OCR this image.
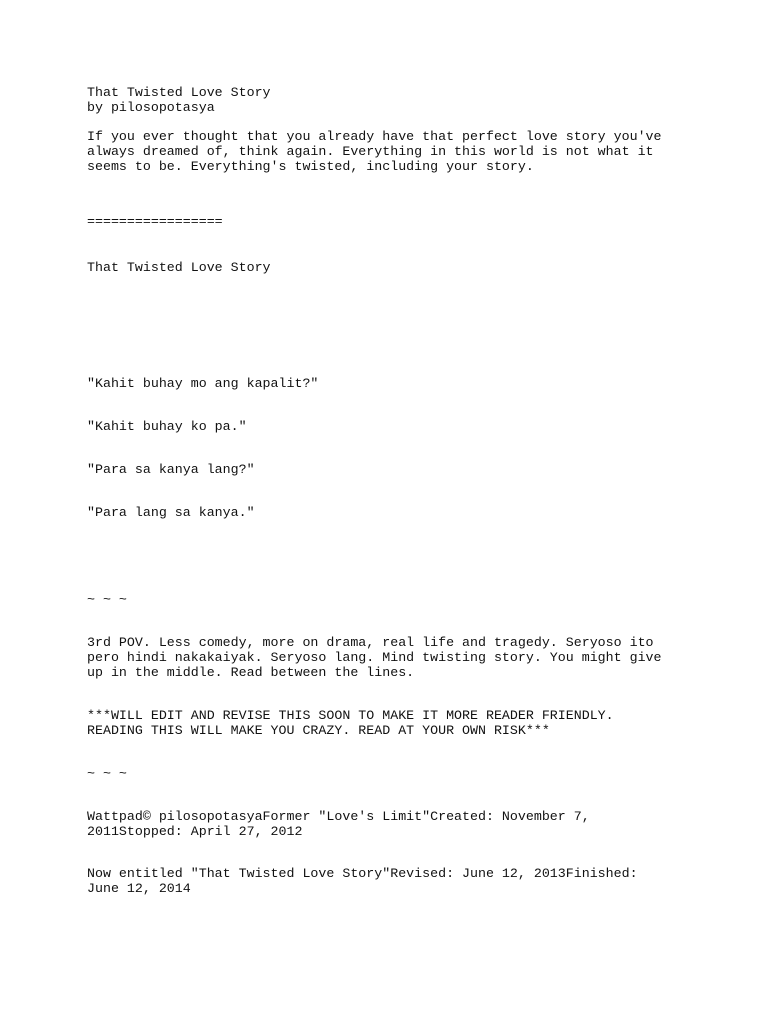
That Twisted Love Story

by pilosopotasya

If you ever thought that you already have that perfect love story you've

always dreamed of, think again. Everything in this world is not what it

seems to be. Everything's twisted, including your story.

=================

That Twisted Love Story

"Kahit buhay mo ang kapalit?"

"Kahit buhay ko pa."

"Para sa kanya lang?"

"Para lang sa kanya."

~ ~ ~

3rd POV. Less comedy, more on drama, real life and tragedy. Seryoso ito

pero hindi nakakaiyak. Seryoso lang. Mind twisting story. You might give

up in the middle. Read between the lines.

***WILL EDIT AND REVISE THIS SOON TO MAKE IT MORE READER FRIENDLY.

READING THIS WILL MAKE YOU CRAZY. READ AT YOUR OWN RISK***

~ ~ ~

Wattpad© pilosopotasyaFormer "Love's Limit"Created: November 7,

2011Stopped: April 27, 2012

Now entitled "That Twisted Love Story"Revised: June 12, 2013Finished:

June 12, 2014
